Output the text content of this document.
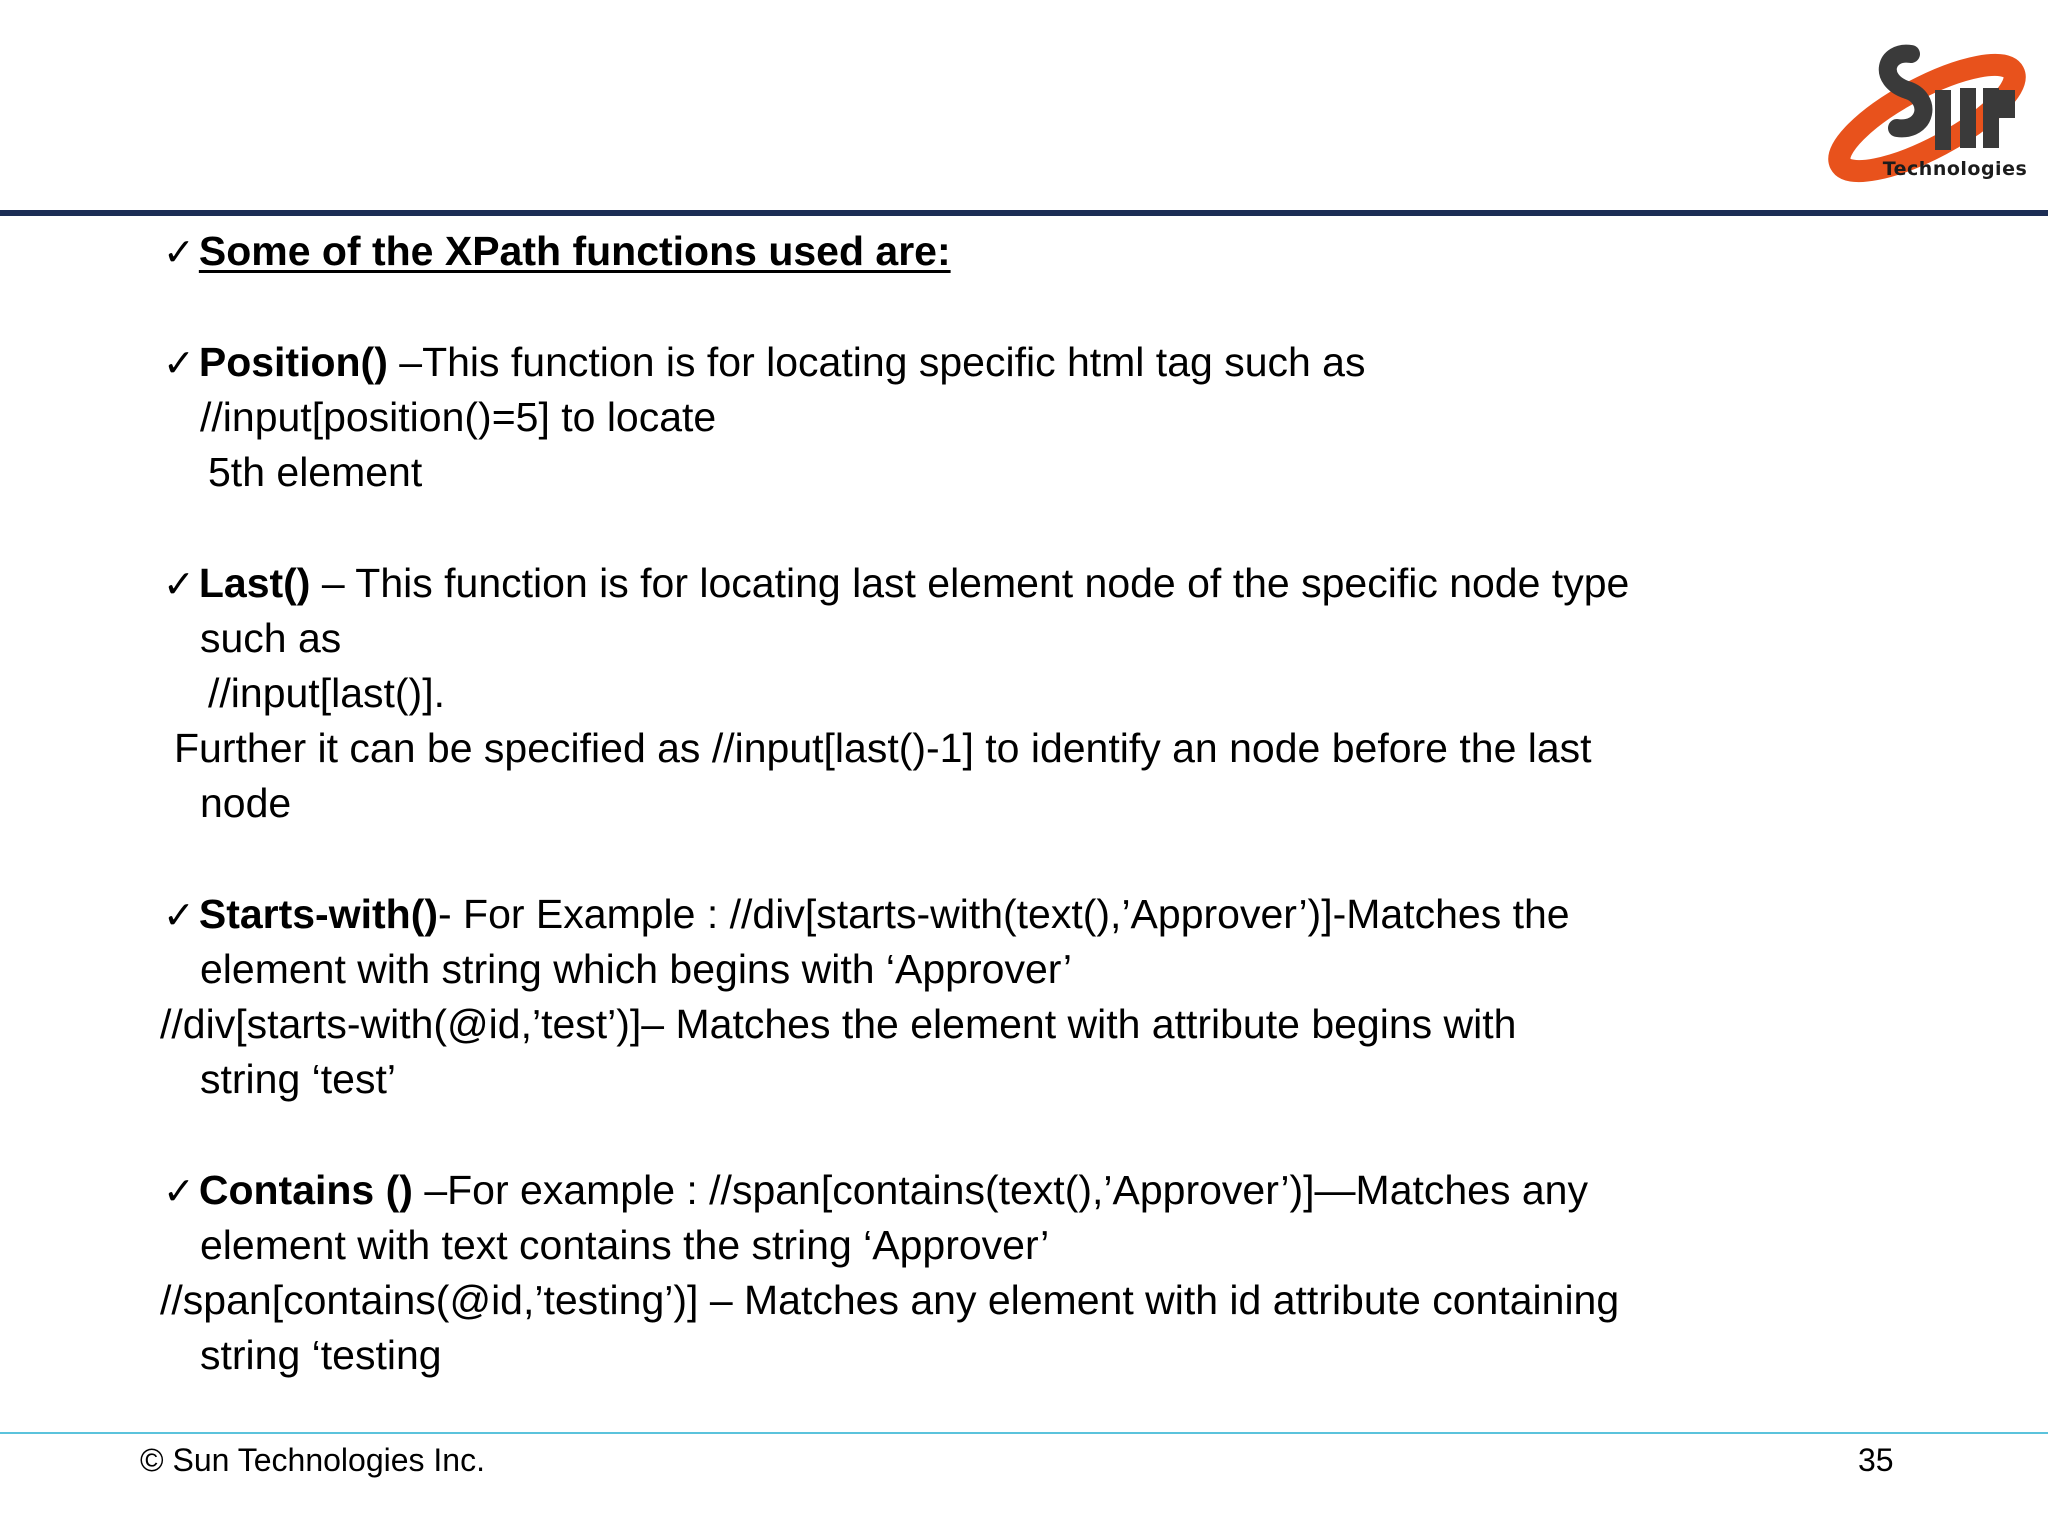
Technologies
✓Some of the XPath functions used are:
✓Position() –This function is for locating specific html tag such as
//input[position()=5] to locate
5th element
✓Last() – This function is for locating last element node of the specific node type
such as
//input[last()].
Further it can be specified as //input[last()-1] to identify an node before the last
node
✓Starts-with()- For Example : //div[starts-with(text(),’Approver’)]-Matches the
element with string which begins with ‘Approver’
//div[starts-with(@id,’test’)]– Matches the element with attribute begins with
string ‘test’
✓Contains () –For example : //span[contains(text(),’Approver’)]—Matches any
element with text contains the string ‘Approver’
//span[contains(@id,’testing’)] – Matches any element with id attribute containing
string ‘testing
© Sun Technologies Inc.	35
